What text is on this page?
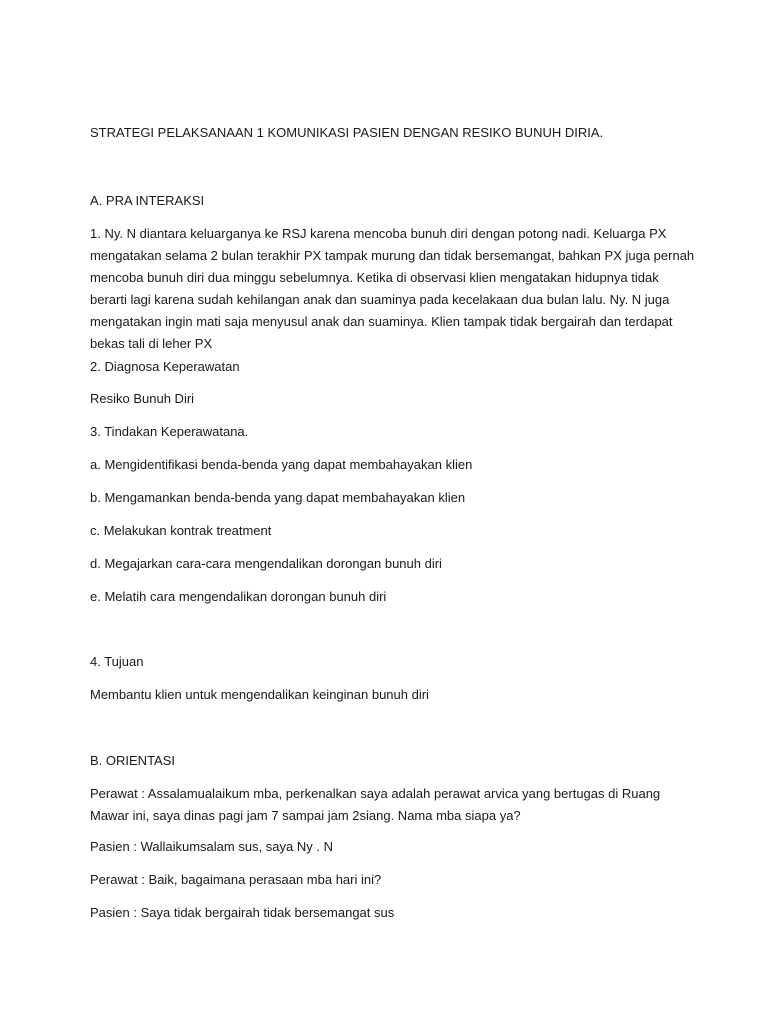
STRATEGI PELAKSANAAN 1 KOMUNIKASI PASIEN DENGAN RESIKO BUNUH DIRIA.
A. PRA INTERAKSI
1. Ny. N diantara keluarganya ke RSJ karena mencoba bunuh diri dengan potong nadi. Keluarga PX
mengatakan selama 2 bulan terakhir PX tampak murung dan tidak bersemangat, bahkan PX juga pernah
mencoba bunuh diri dua minggu sebelumnya. Ketika di observasi klien mengatakan hidupnya tidak
berarti lagi karena sudah kehilangan anak dan suaminya pada kecelakaan dua bulan lalu. Ny. N juga
mengatakan ingin mati saja menyusul anak dan suaminya. Klien tampak tidak bergairah dan terdapat
bekas tali di leher PX
2. Diagnosa Keperawatan
Resiko Bunuh Diri
3. Tindakan Keperawatana.
a. Mengidentifikasi benda-benda yang dapat membahayakan klien
b. Mengamankan benda-benda yang dapat membahayakan klien
c. Melakukan kontrak treatment
d. Megajarkan cara-cara mengendalikan dorongan bunuh diri
e. Melatih cara mengendalikan dorongan bunuh diri
4. Tujuan
Membantu klien untuk mengendalikan keinginan bunuh diri
B. ORIENTASI
Perawat : Assalamualaikum mba, perkenalkan saya adalah perawat arvica yang bertugas di Ruang
Mawar ini, saya dinas pagi jam 7 sampai jam 2siang. Nama mba siapa ya?
Pasien : Wallaikumsalam sus, saya Ny . N
Perawat : Baik, bagaimana perasaan mba hari ini?
Pasien : Saya tidak bergairah tidak bersemangat sus
